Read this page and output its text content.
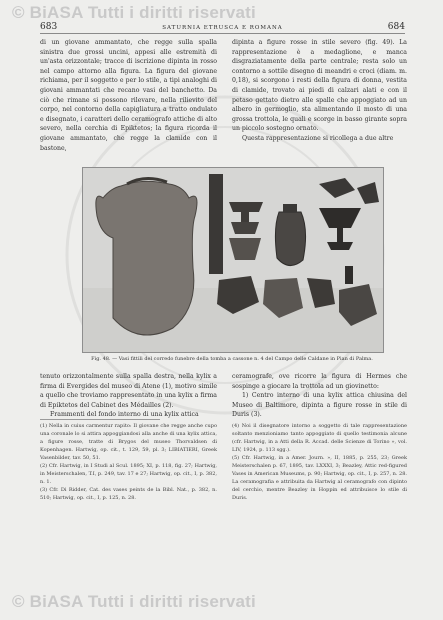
© BiASA Tutti i diritti riservati
© BiASA Tutti i diritti riservati
683	SATURNIA ETRUSCA E ROMANA	684

di un giovane ammantato, che regge sulla spalla sinistra due grossi uncini, appesi alle estremità di un'asta orizzontale; tracce di iscrizione dipinta in rosso nel campo attorno alla figura. La figura del giovane richiama, per il soggetto e per lo stile, a tipi analoghi di giovani ammantati che recano vasi del banchetto. Da ciò che rimane si possono rilevare, nella rilievito del corpo, nel contorno della capigliatura a tratto ondulato e disegnato, i caratteri dello ceramografo attiche di alto severo, nella cerchia di Epiktetos; la figura ricorda il giovane ammantato, che regge la clamide con il bastone,

dipinta a figure rosse in stile severo (fig. 49). La rappresentazione è a medaglione, e manca disgraziatamente della parte centrale; resta solo un contorno a sottile disegno di meandri e croci (diam. m. 0,18), si scorgono i resti della figura di donna, vestita di clamide, trovato ai piedi di calzari alati e con il petaso gettato dietro alle spalle che appoggiato ad un albero in germoglio, sta alimentando il mosto di una grossa trottola, le quali e scorge in basso girante sopra un piccolo sostegno ornato.

Questa rappresentazione si ricollega a due altre

Fig. 48. — Vasi fittili del corredo funebre della tomba a cassone n. 4 del Campo delle Caldane in Pian di Palma.

tenuto orizzontalmente sulla spalla destra, nella kylix a firma di Evergides del museo di Atene (1), motivo simile a quello che troviamo rappresentato in una kylix a firma di Epiktetos del Cabinet des Médailles (2).

Frammenti del fondo interno di una kylix attica

ceramografe, ove ricorre la figura di Hermes che sospinge a giocare la trottola ad un giovinetto:

1) Centro interno di una kylix attica chiusina del Museo di Baltimore, dipinta a figure rosse in stile di Duris (3).

(1) Nella in cuius carmentur rapito: Il giovane che regge anche cupo una coronale lo si attira appoggiandosi alla anche di una kylix attica, a figure rosse, tratte di Brygos del museo Thorvaldsen di Kopenhagen. Hartwig, op. cit., t. 129, 59, pl. 3; LIBIATIERI, Greek Vasenbilder, tav. 50, 51.
(2) Cfr. Hartwig, in I Studi al Scul. 1895; XI, p. 118, fig. 27; Hartwig, in Meisterschalen, T.I, p. 249, tav. 17 e 27; Hartwig, op. cit., I, p. 382, n. 1.
(3) Cfr. Di Ridder, Cat. des vases peints de la Bibl. Nat., p. 382, n. 510; Hartwig, op. cit., I, p. 125, n. 28.
(4) Noi il disegnatore intorno a soggetto di tale rappresentazione soltanto menzioniamo tanto appoggiato di quello testimonia alcune (cfr. Hartwig, in a Atti della R. Accad. delle Scienze di Torino », vol. LIV, 1924, p. 113 sgg.).
(5) Cfr. Hartwig, in a Amer. Journ. », II, 1885, p. 255, 23; Greek Meisterschalen p. 67, 1895, tav. LXXXI, 3; Beazley, Attic red-figured Vases in American Museums, p. 90; Hartwig, op. cit., I, p. 257, n. 28. La ceramografia e attribuita da Hartwig al ceramografo con dipinto del cerchio, mentre Beazley in Hoppin ed attribuisce lo stile di Duris.
